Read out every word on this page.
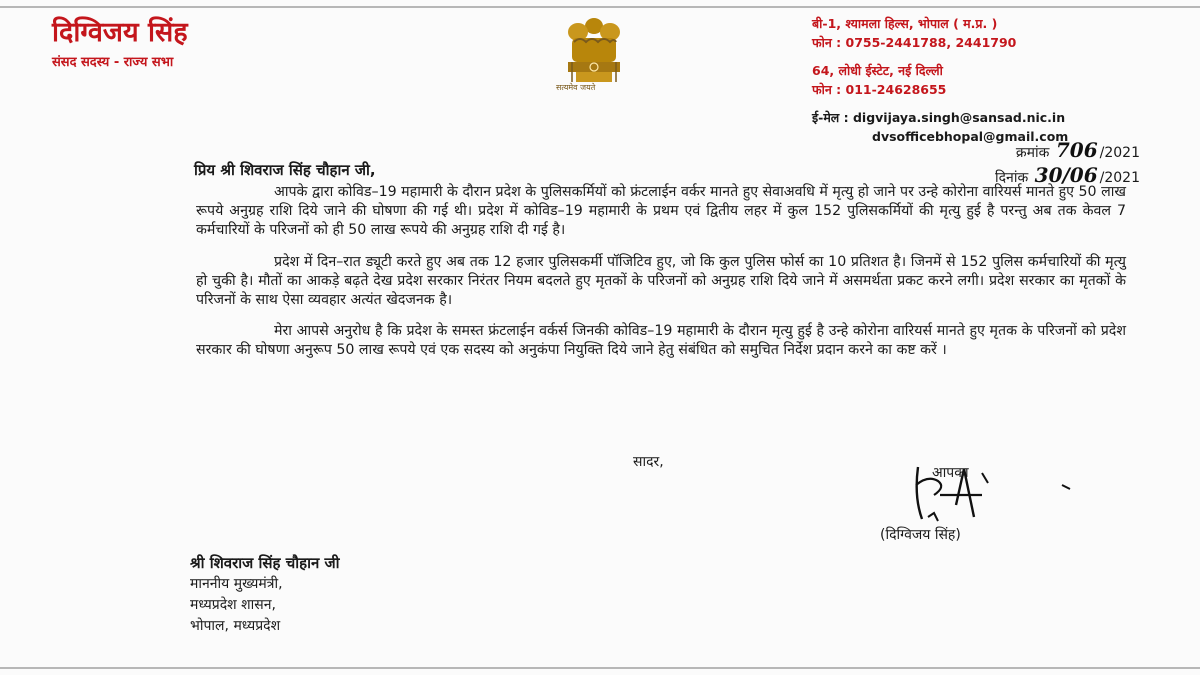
दिग्विजय सिंह
संसद सदस्य - राज्य सभा
सत्यमेव जयते
बी-1, श्यामला हिल्स, भोपाल ( म.प्र. )
फोन : 0755-2441788, 2441790
64, लोधी ईस्टेट, नई दिल्ली
फोन : 011-24628655
ई-मेल : digvijaya.singh@sansad.nic.in
dvsofficebhopal@gmail.com
क्रमांक 706 /2021
दिनांक 30/06 /2021
प्रिय श्री शिवराज सिंह चौहान जी,

आपके द्वारा कोविड–19 महामारी के दौरान प्रदेश के पुलिसकर्मियों को फ्रंटलाईन वर्कर मानते हुए सेवाअवधि में मृत्यु हो जाने पर उन्हे कोरोना वारियर्स मानते हुए 50 लाख रूपये अनुग्रह राशि दिये जाने की घोषणा की गई थी। प्रदेश में कोविड–19 महामारी के प्रथम एवं द्वितीय लहर में कुल 152 पुलिसकर्मियों की मृत्यु हुई है परन्तु अब तक केवल 7 कर्मचारियों के परिजनों को ही 50 लाख रूपये की अनुग्रह राशि दी गई है।

प्रदेश में दिन–रात ड्यूटी करते हुए अब तक 12 हजार पुलिसकर्मी पॉजिटिव हुए, जो कि कुल पुलिस फोर्स का 10 प्रतिशत है। जिनमें से 152 पुलिस कर्मचारियों की मृत्यु हो चुकी है। मौतों का आकड़े बढ़ते देख प्रदेश सरकार निरंतर नियम बदलते हुए मृतकों के परिजनों को अनुग्रह राशि दिये जाने में असमर्थता प्रकट करने लगी। प्रदेश सरकार का मृतकों के परिजनों के साथ ऐसा व्यवहार अत्यंत खेदजनक है।

मेरा आपसे अनुरोध है कि प्रदेश के समस्त फ्रंटलाईन वर्कर्स जिनकी कोविड–19 महामारी के दौरान मृत्यु हुई है उन्हे कोरोना वारियर्स मानते हुए मृतक के परिजनों को प्रदेश सरकार की घोषणा अनुरूप 50 लाख रूपये एवं एक सदस्य को अनुकंपा नियुक्ति दिये जाने हेतु संबंधित को समुचित निर्देश प्रदान करने का कष्ट करें ।

सादर,
आपका
(दिग्विजय सिंह)
श्री शिवराज सिंह चौहान जी
माननीय मुख्यमंत्री,
मध्यप्रदेश शासन,
भोपाल, मध्यप्रदेश
